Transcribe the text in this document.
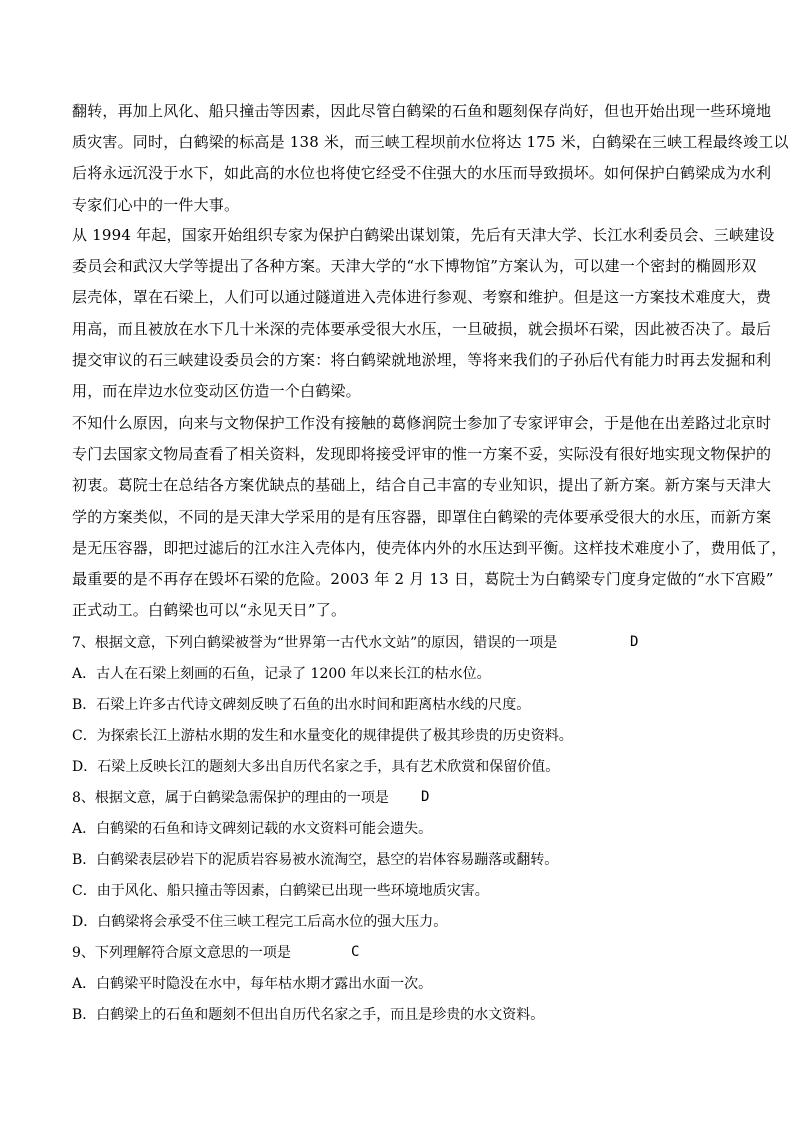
翻转，再加上风化、船只撞击等因素，因此尽管白鹤梁的石鱼和题刻保存尚好，但也开始出现一些环境地
质灾害。同时，白鹤梁的标高是 138 米，而三峡工程坝前水位将达 175 米，白鹤梁在三峡工程最终竣工以
后将永远沉没于水下，如此高的水位也将使它经受不住强大的水压而导致损坏。如何保护白鹤梁成为水利
专家们心中的一件大事。
从 1994 年起，国家开始组织专家为保护白鹤梁出谋划策，先后有天津大学、长江水利委员会、三峡建设
委员会和武汉大学等提出了各种方案。天津大学的“水下博物馆”方案认为，可以建一个密封的椭圆形双
层壳体，罩在石梁上，人们可以通过隧道进入壳体进行参观、考察和维护。但是这一方案技术难度大，费
用高，而且被放在水下几十米深的壳体要承受很大水压，一旦破损，就会损坏石梁，因此被否决了。最后
提交审议的石三峡建设委员会的方案：将白鹤梁就地淤埋，等将来我们的子孙后代有能力时再去发掘和利
用，而在岸边水位变动区仿造一个白鹤梁。
不知什么原因，向来与文物保护工作没有接触的葛修润院士参加了专家评审会，于是他在出差路过北京时
专门去国家文物局查看了相关资料，发现即将接受评审的惟一方案不妥，实际没有很好地实现文物保护的
初衷。葛院士在总结各方案优缺点的基础上，结合自己丰富的专业知识，提出了新方案。新方案与天津大
学的方案类似，不同的是天津大学采用的是有压容器，即罩住白鹤梁的壳体要承受很大的水压，而新方案
是无压容器，即把过滤后的江水注入壳体内，使壳体内外的水压达到平衡。这样技术难度小了，费用低了，
最重要的是不再存在毁坏石梁的危险。2003 年 2 月 13 日，葛院士为白鹤梁专门度身定做的“水下宫殿”
正式动工。白鹤梁也可以“永见天日”了。
7、根据文意，下列白鹤梁被誉为“世界第一古代水文站”的原因，错误的一项是	D
A．古人在石梁上刻画的石鱼，记录了 1200 年以来长江的枯水位。
B．石梁上许多古代诗文碑刻反映了石鱼的出水时间和距离枯水线的尺度。
C．为探索长江上游枯水期的发生和水量变化的规律提供了极其珍贵的历史资料。
D．石梁上反映长江的题刻大多出自历代名家之手，具有艺术欣赏和保留价值。
8、根据文意，属于白鹤梁急需保护的理由的一项是	D
A．白鹤梁的石鱼和诗文碑刻记载的水文资料可能会遗失。
B．白鹤梁表层砂岩下的泥质岩容易被水流淘空，悬空的岩体容易蹦落或翻转。
C．由于风化、船只撞击等因素，白鹤梁已出现一些环境地质灾害。
D．白鹤梁将会承受不住三峡工程完工后高水位的强大压力。
9、下列理解符合原文意思的一项是	C
A．白鹤梁平时隐没在水中，每年枯水期才露出水面一次。
B．白鹤梁上的石鱼和题刻不但出自历代名家之手，而且是珍贵的水文资料。
